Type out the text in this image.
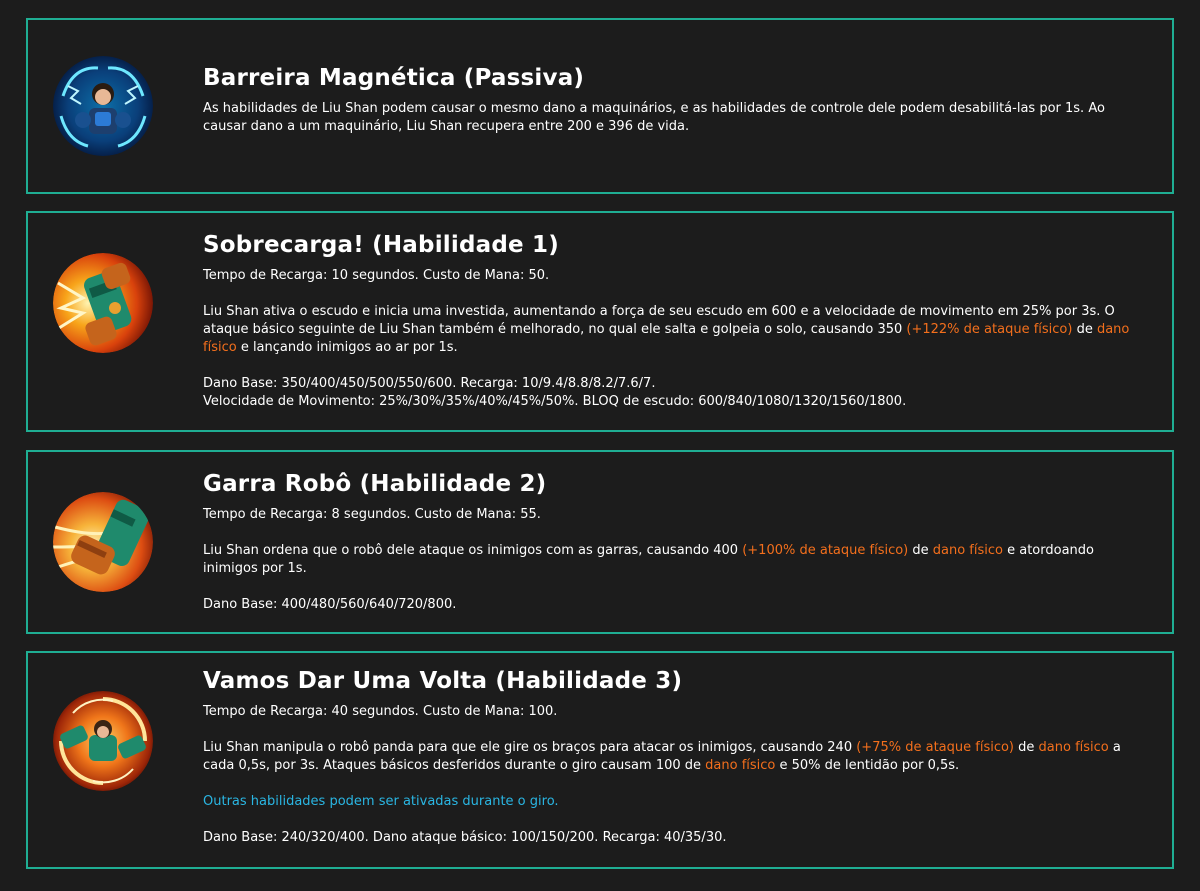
Barreira Magnética (Passiva)

As habilidades de Liu Shan podem causar o mesmo dano a maquinários, e as habilidades de controle dele podem desabilitá-las por 1s. Ao causar dano a um maquinário, Liu Shan recupera entre 200 e 396 de vida.

Sobrecarga! (Habilidade 1)

Tempo de Recarga: 10 segundos. Custo de Mana: 50.

Liu Shan ativa o escudo e inicia uma investida, aumentando a força de seu escudo em 600 e a velocidade de movimento em 25% por 3s. O ataque básico seguinte de Liu Shan também é melhorado, no qual ele salta e golpeia o solo, causando 350 (+122% de ataque físico) de dano físico e lançando inimigos ao ar por 1s.

Dano Base: 350/400/450/500/550/600. Recarga: 10/9.4/8.8/8.2/7.6/7.

Velocidade de Movimento: 25%/30%/35%/40%/45%/50%. BLOQ de escudo: 600/840/1080/1320/1560/1800.

Garra Robô (Habilidade 2)

Tempo de Recarga: 8 segundos. Custo de Mana: 55.

Liu Shan ordena que o robô dele ataque os inimigos com as garras, causando 400 (+100% de ataque físico) de dano físico e atordoando inimigos por 1s.

Dano Base: 400/480/560/640/720/800.

Vamos Dar Uma Volta (Habilidade 3)

Tempo de Recarga: 40 segundos. Custo de Mana: 100.

Liu Shan manipula o robô panda para que ele gire os braços para atacar os inimigos, causando 240 (+75% de ataque físico) de dano físico a cada 0,5s, por 3s. Ataques básicos desferidos durante o giro causam 100 de dano físico e 50% de lentidão por 0,5s.

Outras habilidades podem ser ativadas durante o giro.

Dano Base: 240/320/400. Dano ataque básico: 100/150/200. Recarga: 40/35/30.
